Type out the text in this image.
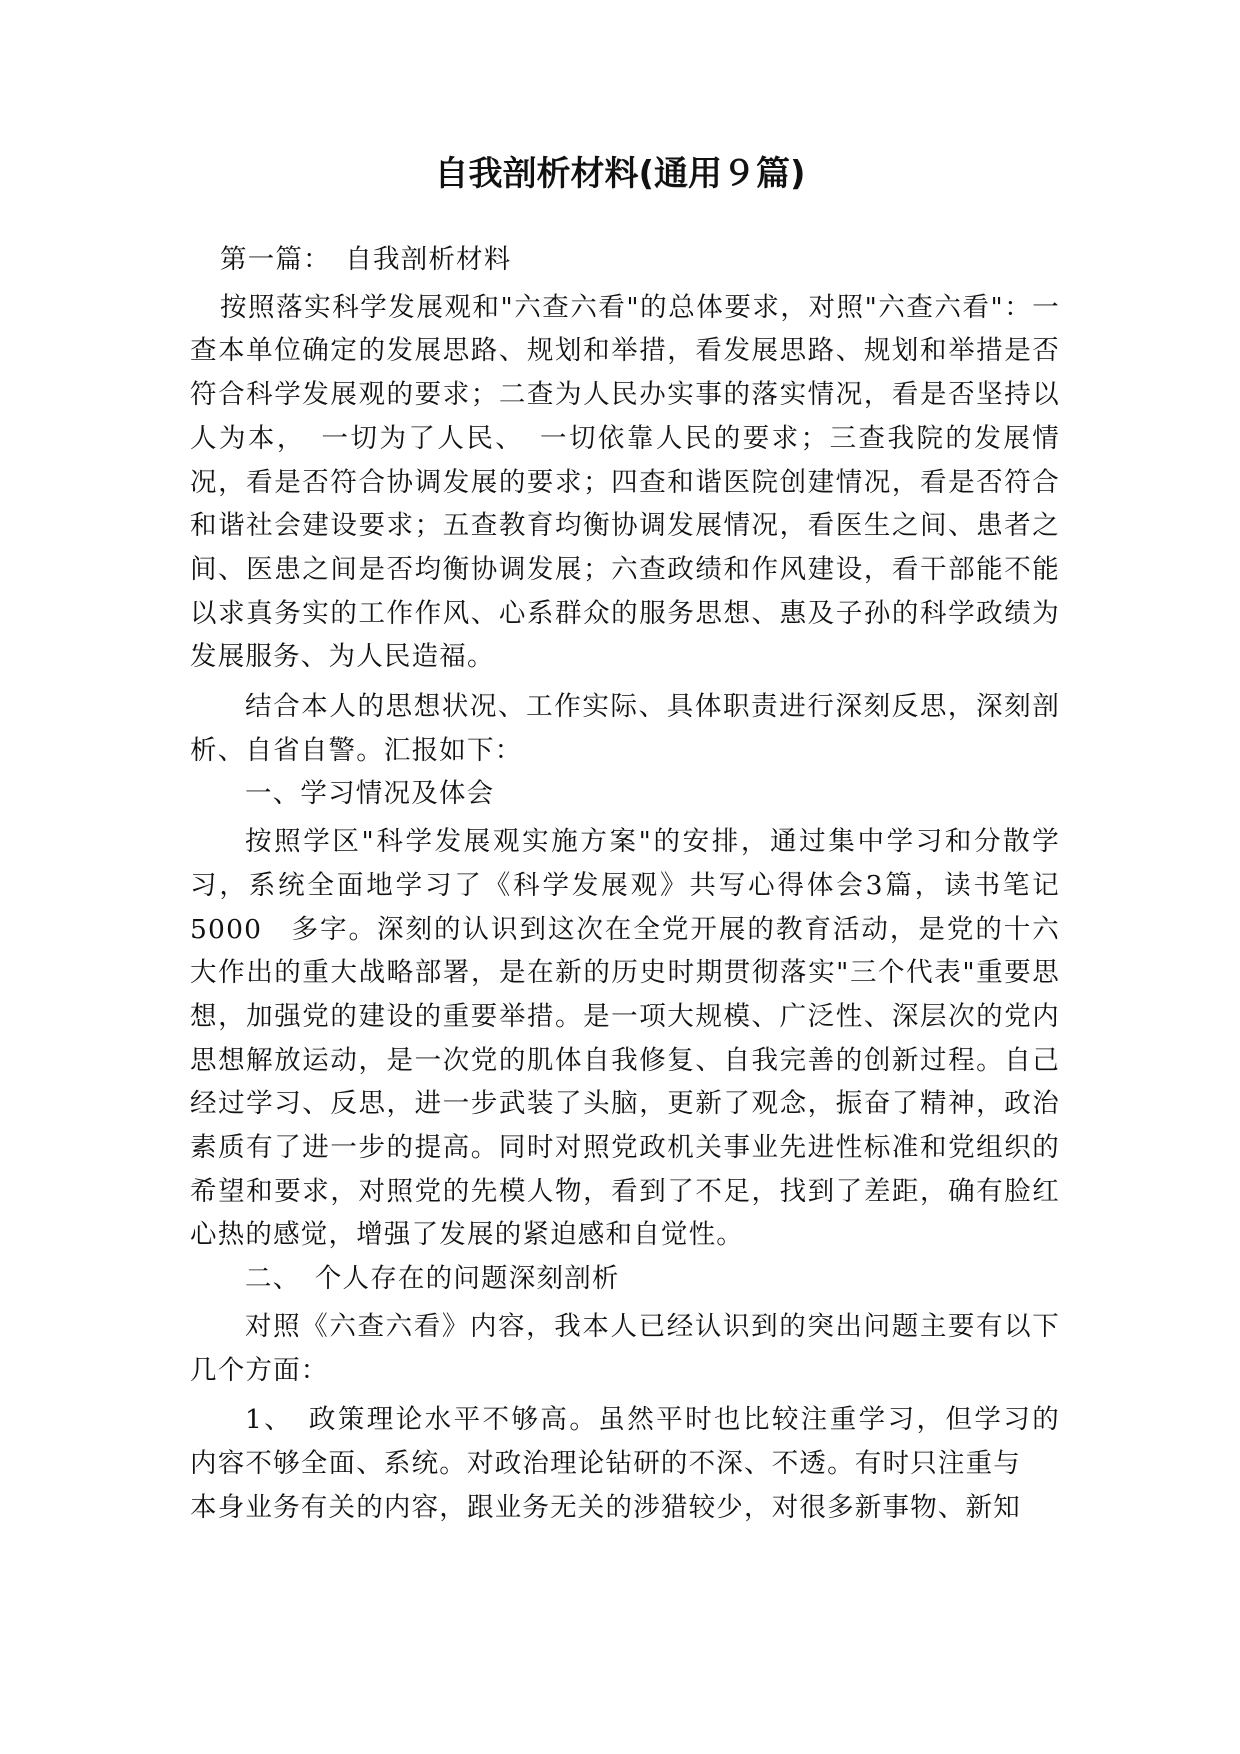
自我剖析材料(通用９篇)

第一篇：　自我剖析材料

按照落实科学发展观和"六查六看"的总体要求，对照"六查六看"：一查本单位确定的发展思路、规划和举措，看发展思路、规划和举措是否符合科学发展观的要求；二查为人民办实事的落实情况，看是否坚持以人为本，　一切为了人民、　一切依靠人民的要求；三查我院的发展情况，看是否符合协调发展的要求；四查和谐医院创建情况，看是否符合和谐社会建设要求；五查教育均衡协调发展情况，看医生之间、患者之间、医患之间是否均衡协调发展；六查政绩和作风建设，看干部能不能以求真务实的工作作风、心系群众的服务思想、惠及子孙的科学政绩为发展服务、为人民造福。

结合本人的思想状况、工作实际、具体职责进行深刻反思，深刻剖析、自省自警。汇报如下：

一、学习情况及体会

按照学区"科学发展观实施方案"的安排，通过集中学习和分散学习，系统全面地学习了《科学发展观》共写心得体会3篇，读书笔记5000　多字。深刻的认识到这次在全党开展的教育活动，是党的十六大作出的重大战略部署，是在新的历史时期贯彻落实"三个代表"重要思想，加强党的建设的重要举措。是一项大规模、广泛性、深层次的党内思想解放运动，是一次党的肌体自我修复、自我完善的创新过程。自己经过学习、反思，进一步武装了头脑，更新了观念，振奋了精神，政治素质有了进一步的提高。同时对照党政机关事业先进性标准和党组织的希望和要求，对照党的先模人物，看到了不足，找到了差距，确有脸红心热的感觉，增强了发展的紧迫感和自觉性。

二、　个人存在的问题深刻剖析

对照《六查六看》内容，我本人已经认识到的突出问题主要有以下几个方面：

1、　政策理论水平不够高。虽然平时也比较注重学习，但学习的　内容不够全面、系统。对政治理论钻研的不深、不透。有时只注重与

本身业务有关的内容，跟业务无关的涉猎较少，对很多新事物、新知
